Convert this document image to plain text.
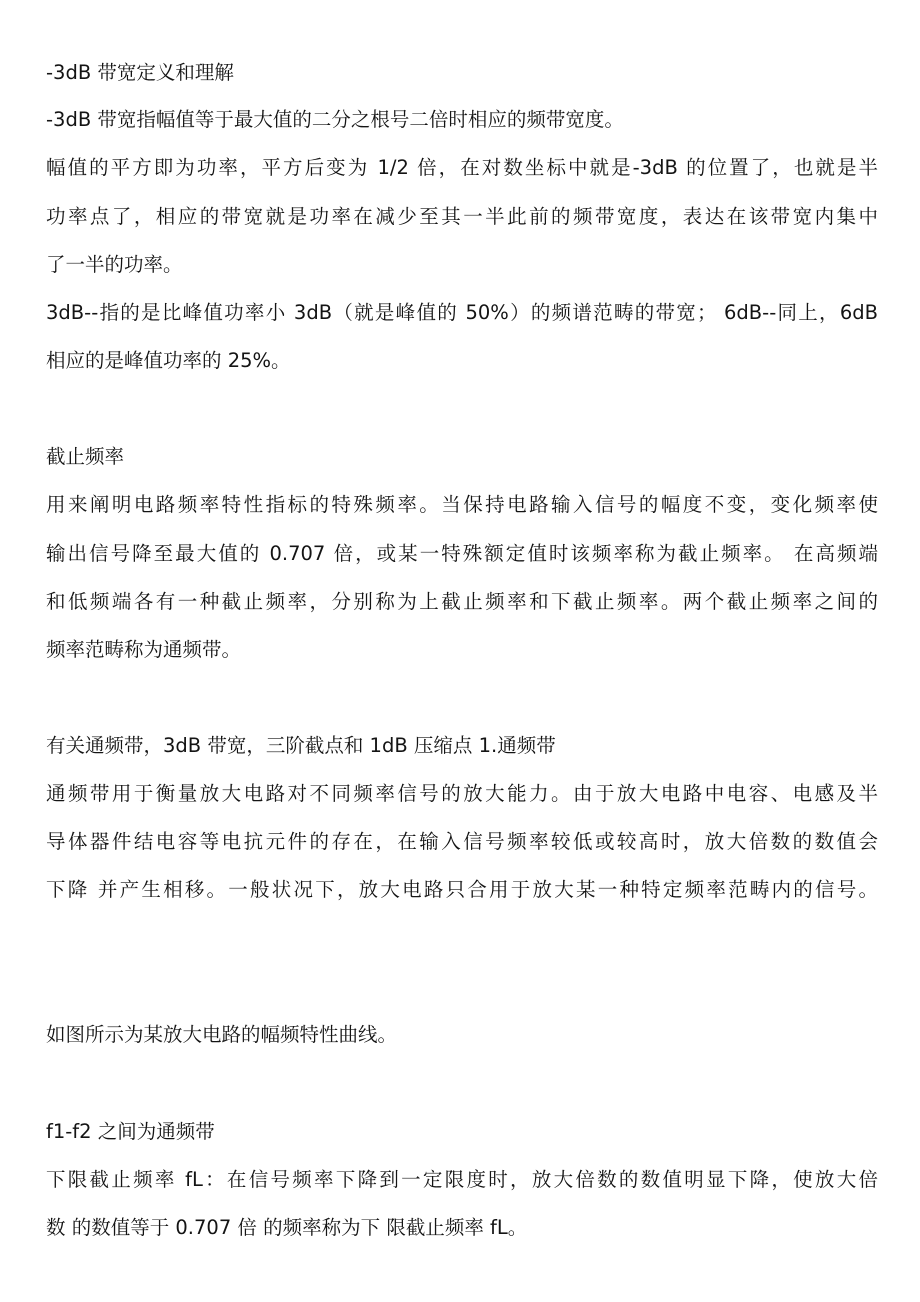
-3dB 带宽定义和理解
-3dB 带宽指幅值等于最大值的二分之根号二倍时相应的频带宽度。
幅值的平方即为功率，平方后变为 1/2 倍，在对数坐标中就是-3dB 的位置了，也就是半
功率点了，相应的带宽就是功率在减少至其一半此前的频带宽度，表达在该带宽内集中
了一半的功率。
3dB--指的是比峰值功率小 3dB（就是峰值的 50%）的频谱范畴的带宽； 6dB--同上，6dB
相应的是峰值功率的 25%。
截止频率
用来阐明电路频率特性指标的特殊频率。当保持电路输入信号的幅度不变，变化频率使
输出信号降至最大值的 0.707 倍，或某一特殊额定值时该频率称为截止频率。 在高频端
和低频端各有一种截止频率，分别称为上截止频率和下截止频率。两个截止频率之间的
频率范畴称为通频带。
有关通频带，3dB 带宽，三阶截点和 1dB 压缩点 1.通频带
通频带用于衡量放大电路对不同频率信号的放大能力。由于放大电路中电容、电感及半
导体器件结电容等电抗元件的存在，在输入信号频率较低或较高时，放大倍数的数值会
下降 并产生相移。一般状况下，放大电路只合用于放大某一种特定频率范畴内的信号。
如图所示为某放大电路的幅频特性曲线。
f1-f2 之间为通频带
下限截止频率 fL：在信号频率下降到一定限度时，放大倍数的数值明显下降，使放大倍
数 的数值等于 0.707 倍 的频率称为下 限截止频率 fL。
